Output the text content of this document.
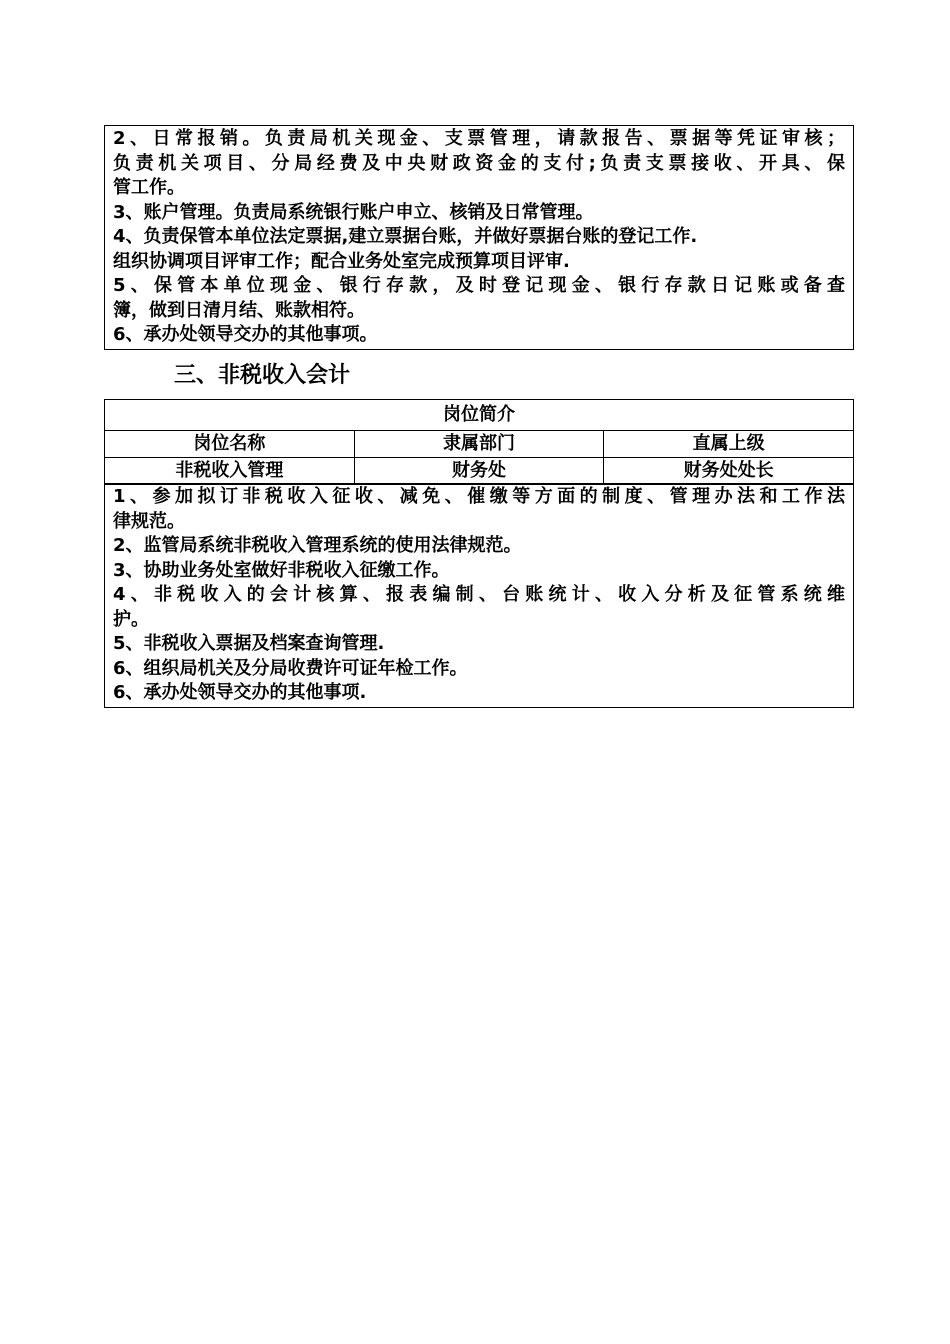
2、日常报销。负责局机关现金、支票管理，请款报告、票据等凭证审核；
负责机关项目、分局经费及中央财政资金的支付;负责支票接收、开具、保
管工作。
3、账户管理。负责局系统银行账户申立、核销及日常管理。
4、负责保管本单位法定票据,建立票据台账，并做好票据台账的登记工作.
组织协调项目评审工作；配合业务处室完成预算项目评审.
5、保管本单位现金、银行存款，及时登记现金、银行存款日记账或备查
簿，做到日清月结、账款相符。
6、承办处领导交办的其他事项。
三、非税收入会计
岗位简介		
岗位名称	隶属部门	直属上级
非税收入管理	财务处	财务处处长
1、参加拟订非税收入征收、减免、催缴等方面的制度、管理办法和工作法
律规范。
2、监管局系统非税收入管理系统的使用法律规范。
3、协助业务处室做好非税收入征缴工作。
4、非税收入的会计核算、报表编制、台账统计、收入分析及征管系统维
护。
5、非税收入票据及档案查询管理.
6、组织局机关及分局收费许可证年检工作。
6、承办处领导交办的其他事项.
